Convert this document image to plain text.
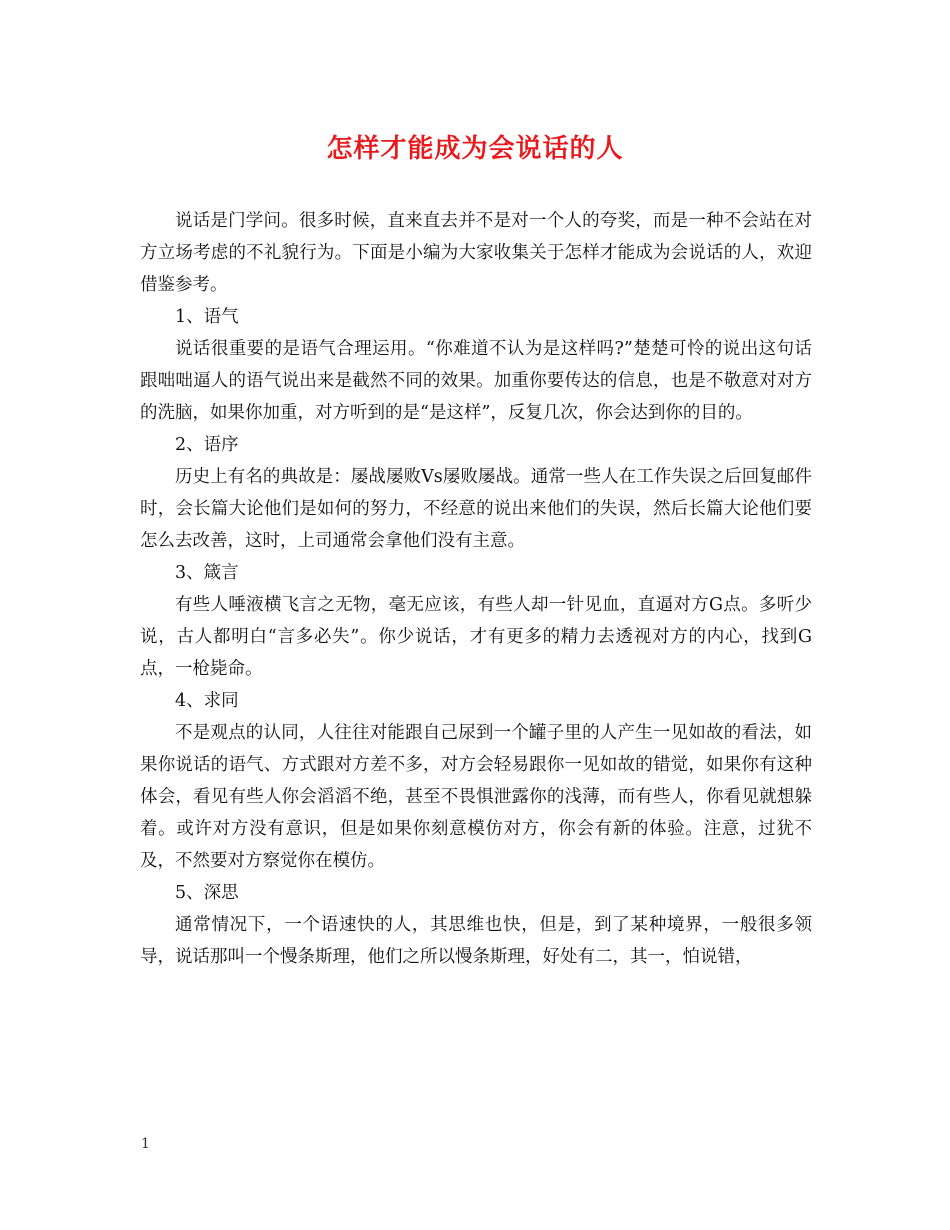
怎样才能成为会说话的人

说话是门学问。很多时候，直来直去并不是对一个人的夸奖，而是一种不会站在对方立场考虑的不礼貌行为。下面是小编为大家收集关于怎样才能成为会说话的人，欢迎借鉴参考。

1、语气

说话很重要的是语气合理运用。“你难道不认为是这样吗?”楚楚可怜的说出这句话跟咄咄逼人的语气说出来是截然不同的效果。加重你要传达的信息，也是不敬意对对方的洗脑，如果你加重，对方听到的是“是这样”，反复几次，你会达到你的目的。

2、语序

历史上有名的典故是：屡战屡败Vs屡败屡战。通常一些人在工作失误之后回复邮件时，会长篇大论他们是如何的努力，不经意的说出来他们的失误，然后长篇大论他们要怎么去改善，这时，上司通常会拿他们没有主意。

3、箴言

有些人唾液横飞言之无物，毫无应该，有些人却一针见血，直逼对方G点。多听少说，古人都明白“言多必失”。你少说话，才有更多的精力去透视对方的内心，找到G点，一枪毙命。

4、求同

不是观点的认同，人往往对能跟自己尿到一个罐子里的人产生一见如故的看法，如果你说话的语气、方式跟对方差不多，对方会轻易跟你一见如故的错觉，如果你有这种体会，看见有些人你会滔滔不绝，甚至不畏惧泄露你的浅薄，而有些人，你看见就想躲着。或许对方没有意识，但是如果你刻意模仿对方，你会有新的体验。注意，过犹不及，不然要对方察觉你在模仿。

5、深思

通常情况下，一个语速快的人，其思维也快，但是，到了某种境界，一般很多领导，说话那叫一个慢条斯理，他们之所以慢条斯理，好处有二，其一，怕说错，

1
